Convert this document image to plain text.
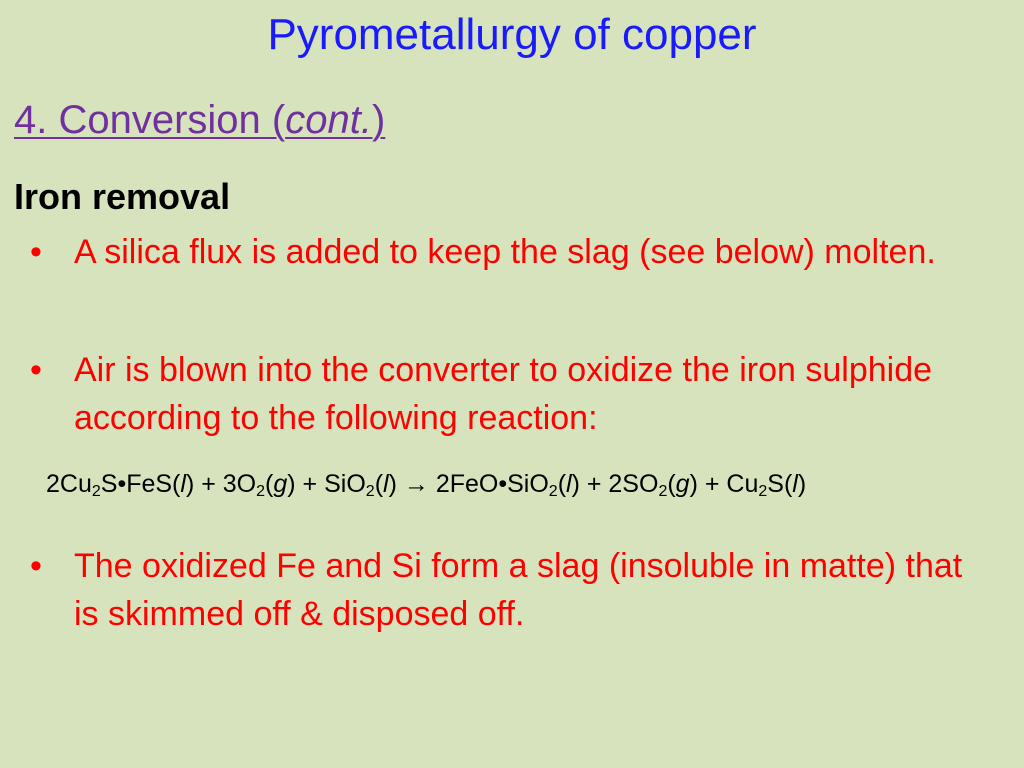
Pyrometallurgy of copper
4. Conversion (cont.)
Iron removal
• A silica flux is added to keep the slag (see below) molten.
• Air is blown into the converter to oxidize the iron sulphide according to the following reaction:
$2Cu_2S•FeS(l) + 3O_2(g) + SiO_2(l)$ → 2FeO•SiO$_2$(l) + $2SO_2(g) + Cu_2S(l)$
• The oxidized Fe and Si form a slag (insoluble in matte) that is skimmed off & disposed off.
